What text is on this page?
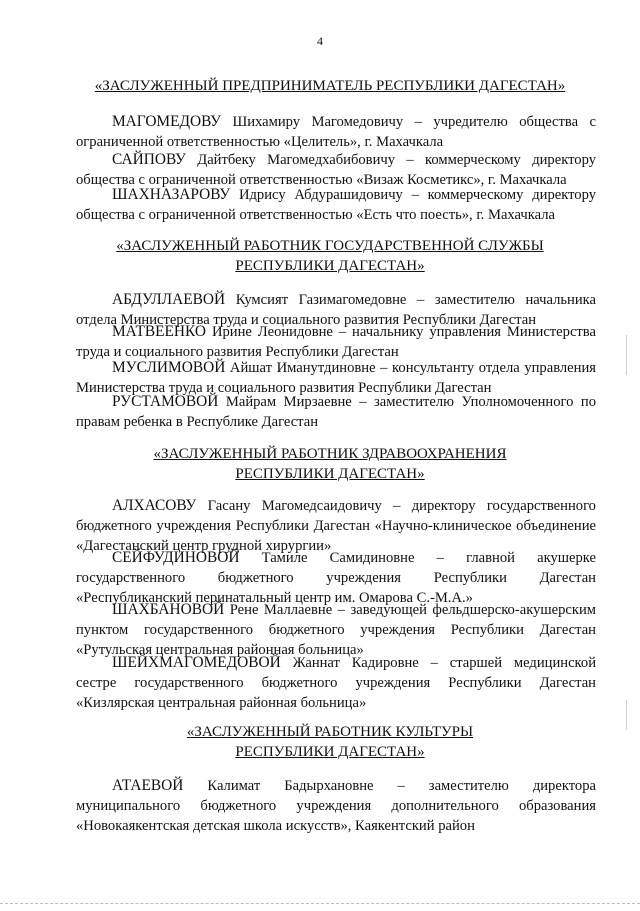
4
«ЗАСЛУЖЕННЫЙ ПРЕДПРИНИМАТЕЛЬ РЕСПУБЛИКИ ДАГЕСТАН»

МАГОМЕДОВУ Шихамиру Магомедовичу – учредителю общества с ограниченной ответственностью «Целитель», г. Махачкала

САЙПОВУ Дайтбеку Магомедхабибовичу – коммерческому директору общества с ограниченной ответственностью «Визаж Косметикс», г. Махачкала

ШАХНАЗАРОВУ Идрису Абдурашидовичу – коммерческому директору общества с ограниченной ответственностью «Есть что поесть», г. Махачкала

«ЗАСЛУЖЕННЫЙ РАБОТНИК ГОСУДАРСТВЕННОЙ СЛУЖБЫ
РЕСПУБЛИКИ ДАГЕСТАН»

АБДУЛЛАЕВОЙ Кумсият Газимагомедовне – заместителю начальника отдела Министерства труда и социального развития Республики Дагестан

МАТВЕЕНКО Ирине Леонидовне – начальнику управления Министерства труда и социального развития Республики Дагестан

МУСЛИМОВОЙ Айшат Иманутдиновне – консультанту отдела управления Министерства труда и социального развития Республики Дагестан

РУСТАМОВОЙ Майрам Мирзаевне – заместителю Уполномоченного по правам ребенка в Республике Дагестан

«ЗАСЛУЖЕННЫЙ РАБОТНИК ЗДРАВООХРАНЕНИЯ
РЕСПУБЛИКИ ДАГЕСТАН»

АЛХАСОВУ Гасану Магомедсаидовичу – директору государственного бюджетного учреждения Республики Дагестан «Научно-клиническое объединение «Дагестанский центр грудной хирургии»

СЕЙФУДИНОВОЙ Тамиле Самидиновне – главной акушерке государственного бюджетного учреждения Республики Дагестан «Республиканский перинатальный центр им. Омарова С.-М.А.»

ШАХБАНОВОЙ Рене Маллаевне – заведующей фельдшерско-акушерским пунктом государственного бюджетного учреждения Республики Дагестан «Рутульская центральная районная больница»

ШЕЙХМАГОМЕДОВОЙ Жаннат Кадировне – старшей медицинской сестре государственного бюджетного учреждения Республики Дагестан «Кизлярская центральная районная больница»

«ЗАСЛУЖЕННЫЙ РАБОТНИК КУЛЬТУРЫ
РЕСПУБЛИКИ ДАГЕСТАН»

АТАЕВОЙ Калимат Бадырхановне – заместителю директора муниципального бюджетного учреждения дополнительного образования «Новокаякентская детская школа искусств», Каякентский район
